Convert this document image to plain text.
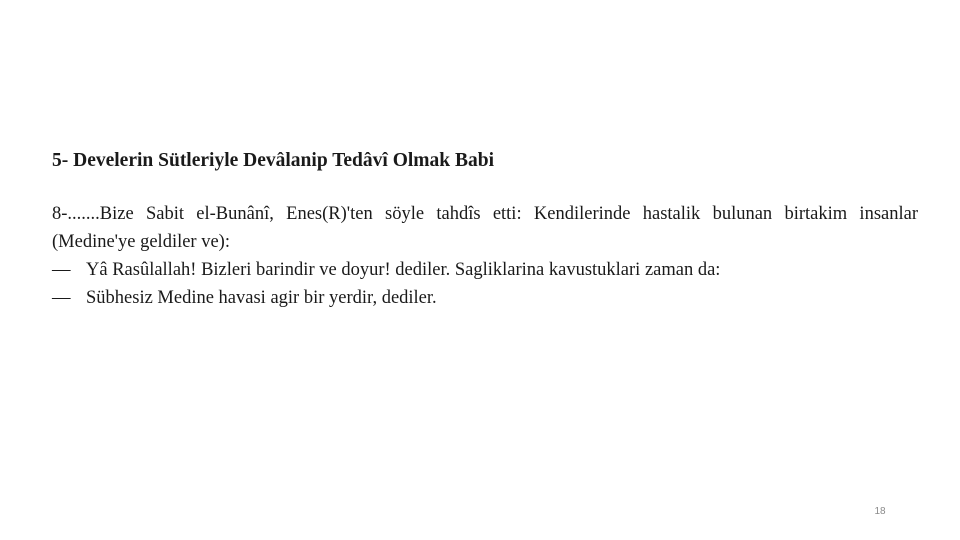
5- Develerin Sütleriyle Devâlanip Tedâvî Olmak Babi

8-.......Bize Sabit el-Bunânî, Enes(R)'ten söyle tahdîs etti: Kendilerinde hastalik bulunan birtakim insanlar (Medine'ye geldiler ve):

— Yâ Rasûlallah! Bizleri barindir ve doyur! dediler. Sagliklarina kavustuklari zaman da:

— Sübhesiz Medine havasi agir bir yerdir, dediler.

18
